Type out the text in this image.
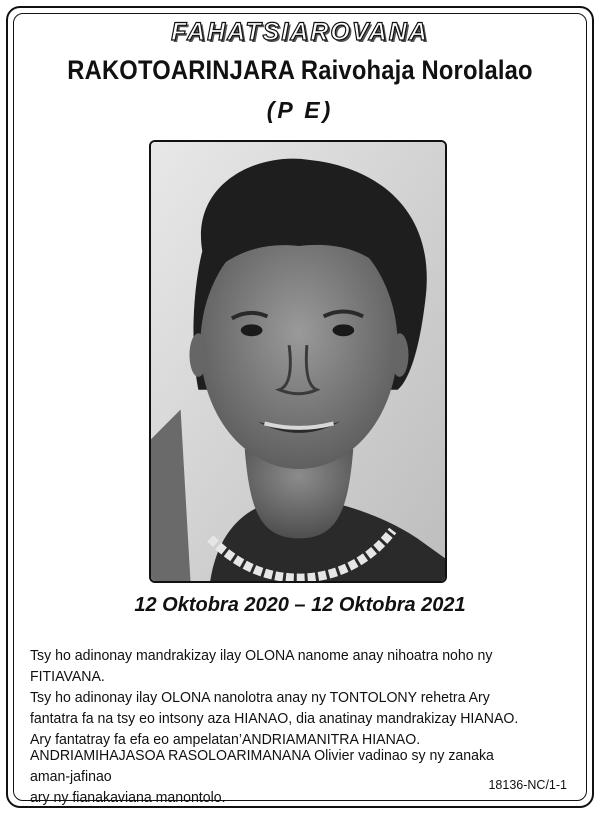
FAHATSIAROVANA
RAKOTOARINJARA Raivohaja Norolalao
(P E)
12 Oktobra 2020 – 12 Oktobra 2021
Tsy ho adinonay mandrakizay ilay OLONA nanome anay nihoatra noho ny FITIAVANA.
Tsy ho adinonay ilay OLONA nanolotra anay ny TONTOLONY rehetra Ary fantatra fa na tsy eo intsony aza HIANAO, dia anatinay mandrakizay HIANAO. Ary fantatray fa efa eo ampelatan’ANDRIAMANITRA HIANAO.
ANDRIAMIHAJASOA RASOLOARIMANANA Olivier vadinao sy ny zanaka aman-jafinao
ary ny fianakaviana manontolo.
18136-NC/1-1
